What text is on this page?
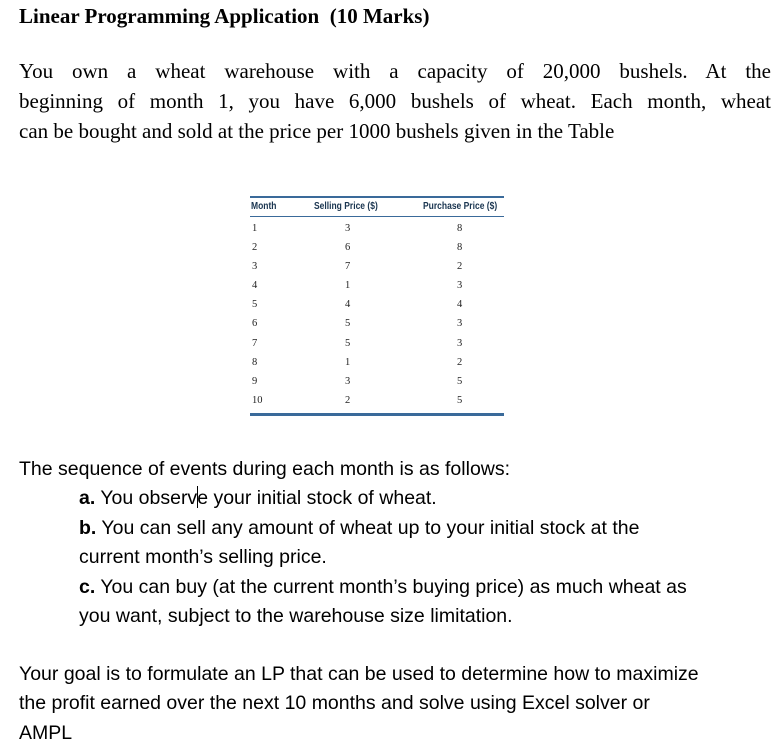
Linear Programming Application  (10 Marks)
You own a wheat warehouse with a capacity of 20,000 bushels. At the
beginning of month 1, you have 6,000 bushels of wheat. Each month, wheat
can be bought and sold at the price per 1000 bushels given in the Table
Month	Selling Price ($)	Purchase Price ($)
1	3	8
2	6	8
3	7	2
4	1	3
5	4	4
6	5	3
7	5	3
8	1	2
9	3	5
10	2	5
The sequence of events during each month is as follows:
a. You observe your initial stock of wheat.
b. You can sell any amount of wheat up to your initial stock at the
current month’s selling price.
c. You can buy (at the current month’s buying price) as much wheat as
you want, subject to the warehouse size limitation.
Your goal is to formulate an LP that can be used to determine how to maximize
the profit earned over the next 10 months and solve using Excel solver or
AMPL
